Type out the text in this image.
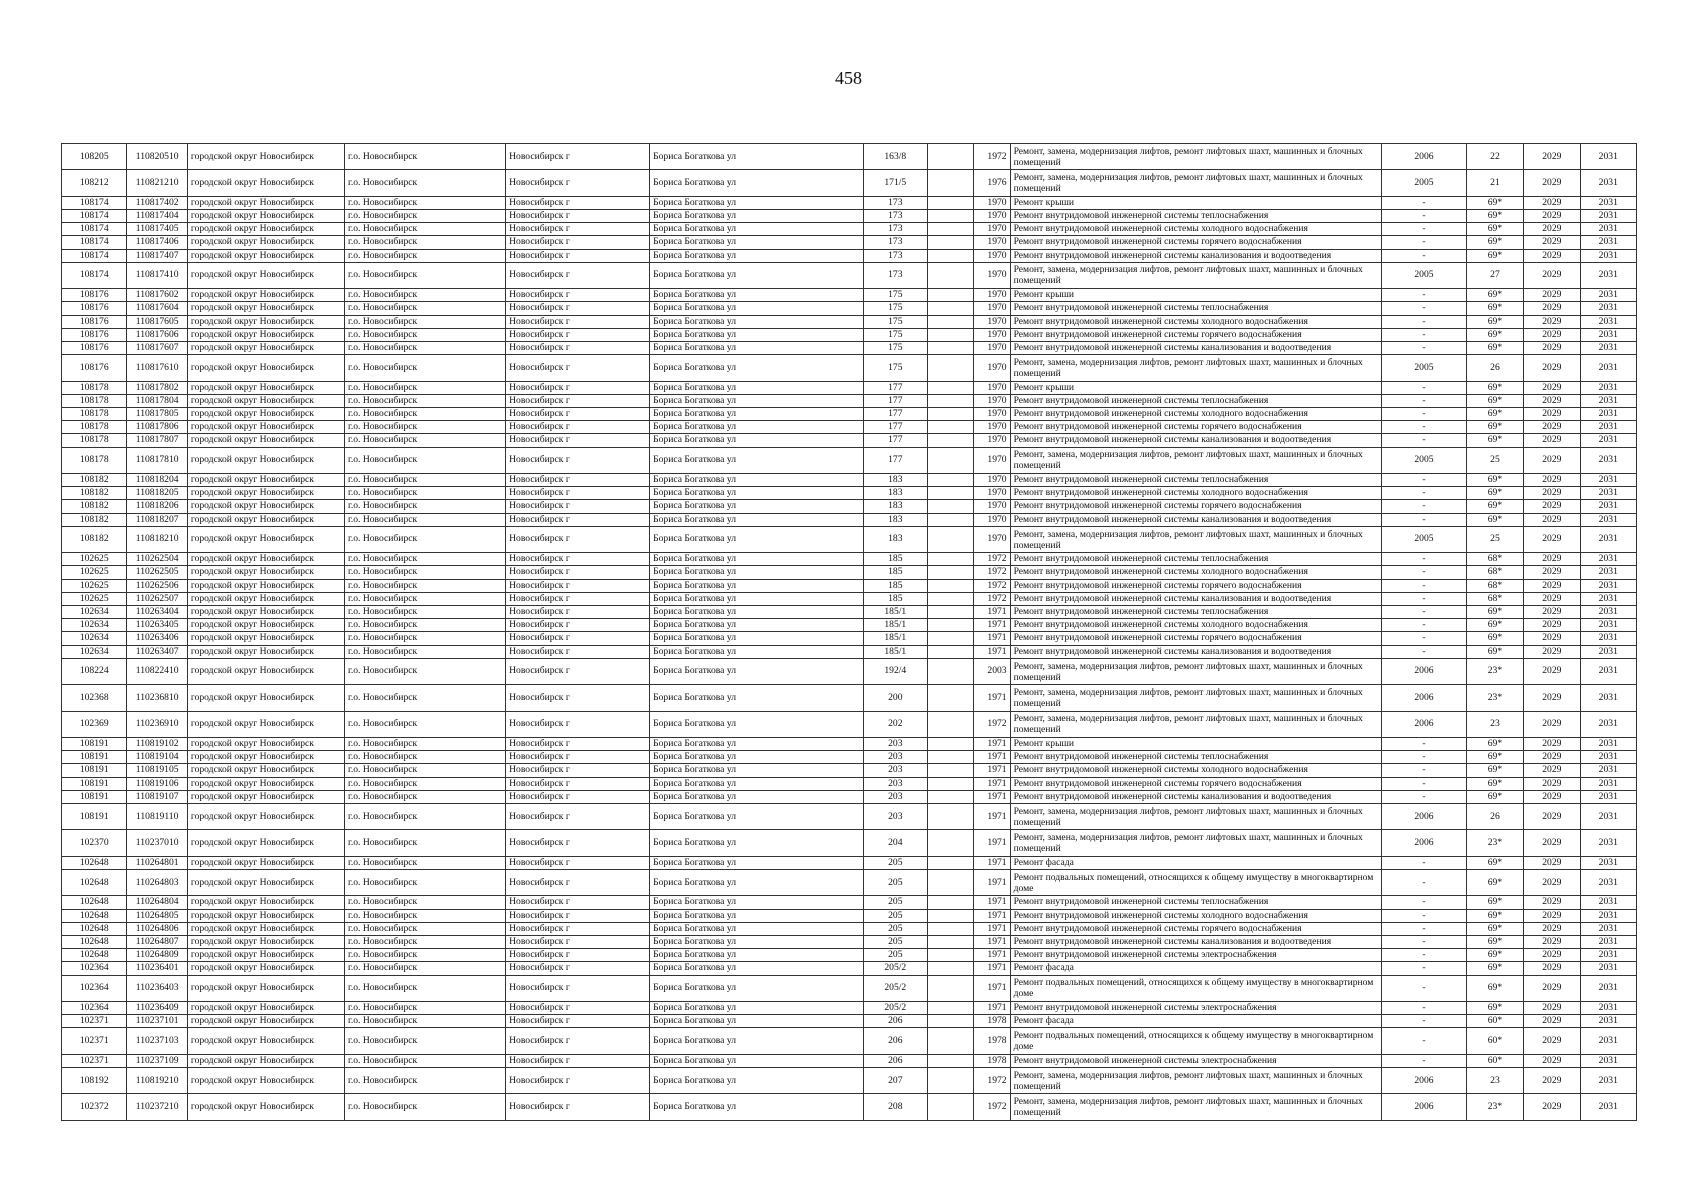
458
108205	110820510	городской округ Новосибирск	г.о. Новосибирск	Новосибирск г	Бориса Богаткова ул	163/8		1972	Ремонт, замена, модернизация лифтов, ремонт лифтовых шахт, машинных и блочных помещений	2006	22	2029	2031
108212	110821210	городской округ Новосибирск	г.о. Новосибирск	Новосибирск г	Бориса Богаткова ул	171/5		1976	Ремонт, замена, модернизация лифтов, ремонт лифтовых шахт, машинных и блочных помещений	2005	21	2029	2031
108174	110817402	городской округ Новосибирск	г.о. Новосибирск	Новосибирск г	Бориса Богаткова ул	173		1970	Ремонт крыши	-	69*	2029	2031
108174	110817404	городской округ Новосибирск	г.о. Новосибирск	Новосибирск г	Бориса Богаткова ул	173		1970	Ремонт внутридомовой инженерной системы теплоснабжения	-	69*	2029	2031
108174	110817405	городской округ Новосибирск	г.о. Новосибирск	Новосибирск г	Бориса Богаткова ул	173		1970	Ремонт внутридомовой инженерной системы холодного водоснабжения	-	69*	2029	2031
108174	110817406	городской округ Новосибирск	г.о. Новосибирск	Новосибирск г	Бориса Богаткова ул	173		1970	Ремонт внутридомовой инженерной системы горячего водоснабжения	-	69*	2029	2031
108174	110817407	городской округ Новосибирск	г.о. Новосибирск	Новосибирск г	Бориса Богаткова ул	173		1970	Ремонт внутридомовой инженерной системы канализования и водоотведения	-	69*	2029	2031
108174	110817410	городской округ Новосибирск	г.о. Новосибирск	Новосибирск г	Бориса Богаткова ул	173		1970	Ремонт, замена, модернизация лифтов, ремонт лифтовых шахт, машинных и блочных помещений	2005	27	2029	2031
108176	110817602	городской округ Новосибирск	г.о. Новосибирск	Новосибирск г	Бориса Богаткова ул	175		1970	Ремонт крыши	-	69*	2029	2031
108176	110817604	городской округ Новосибирск	г.о. Новосибирск	Новосибирск г	Бориса Богаткова ул	175		1970	Ремонт внутридомовой инженерной системы теплоснабжения	-	69*	2029	2031
108176	110817605	городской округ Новосибирск	г.о. Новосибирск	Новосибирск г	Бориса Богаткова ул	175		1970	Ремонт внутридомовой инженерной системы холодного водоснабжения	-	69*	2029	2031
108176	110817606	городской округ Новосибирск	г.о. Новосибирск	Новосибирск г	Бориса Богаткова ул	175		1970	Ремонт внутридомовой инженерной системы горячего водоснабжения	-	69*	2029	2031
108176	110817607	городской округ Новосибирск	г.о. Новосибирск	Новосибирск г	Бориса Богаткова ул	175		1970	Ремонт внутридомовой инженерной системы канализования и водоотведения	-	69*	2029	2031
108176	110817610	городской округ Новосибирск	г.о. Новосибирск	Новосибирск г	Бориса Богаткова ул	175		1970	Ремонт, замена, модернизация лифтов, ремонт лифтовых шахт, машинных и блочных помещений	2005	26	2029	2031
108178	110817802	городской округ Новосибирск	г.о. Новосибирск	Новосибирск г	Бориса Богаткова ул	177		1970	Ремонт крыши	-	69*	2029	2031
108178	110817804	городской округ Новосибирск	г.о. Новосибирск	Новосибирск г	Бориса Богаткова ул	177		1970	Ремонт внутридомовой инженерной системы теплоснабжения	-	69*	2029	2031
108178	110817805	городской округ Новосибирск	г.о. Новосибирск	Новосибирск г	Бориса Богаткова ул	177		1970	Ремонт внутридомовой инженерной системы холодного водоснабжения	-	69*	2029	2031
108178	110817806	городской округ Новосибирск	г.о. Новосибирск	Новосибирск г	Бориса Богаткова ул	177		1970	Ремонт внутридомовой инженерной системы горячего водоснабжения	-	69*	2029	2031
108178	110817807	городской округ Новосибирск	г.о. Новосибирск	Новосибирск г	Бориса Богаткова ул	177		1970	Ремонт внутридомовой инженерной системы канализования и водоотведения	-	69*	2029	2031
108178	110817810	городской округ Новосибирск	г.о. Новосибирск	Новосибирск г	Бориса Богаткова ул	177		1970	Ремонт, замена, модернизация лифтов, ремонт лифтовых шахт, машинных и блочных помещений	2005	25	2029	2031
108182	110818204	городской округ Новосибирск	г.о. Новосибирск	Новосибирск г	Бориса Богаткова ул	183		1970	Ремонт внутридомовой инженерной системы теплоснабжения	-	69*	2029	2031
108182	110818205	городской округ Новосибирск	г.о. Новосибирск	Новосибирск г	Бориса Богаткова ул	183		1970	Ремонт внутридомовой инженерной системы холодного водоснабжения	-	69*	2029	2031
108182	110818206	городской округ Новосибирск	г.о. Новосибирск	Новосибирск г	Бориса Богаткова ул	183		1970	Ремонт внутридомовой инженерной системы горячего водоснабжения	-	69*	2029	2031
108182	110818207	городской округ Новосибирск	г.о. Новосибирск	Новосибирск г	Бориса Богаткова ул	183		1970	Ремонт внутридомовой инженерной системы канализования и водоотведения	-	69*	2029	2031
108182	110818210	городской округ Новосибирск	г.о. Новосибирск	Новосибирск г	Бориса Богаткова ул	183		1970	Ремонт, замена, модернизация лифтов, ремонт лифтовых шахт, машинных и блочных помещений	2005	25	2029	2031
102625	110262504	городской округ Новосибирск	г.о. Новосибирск	Новосибирск г	Бориса Богаткова ул	185		1972	Ремонт внутридомовой инженерной системы теплоснабжения	-	68*	2029	2031
102625	110262505	городской округ Новосибирск	г.о. Новосибирск	Новосибирск г	Бориса Богаткова ул	185		1972	Ремонт внутридомовой инженерной системы холодного водоснабжения	-	68*	2029	2031
102625	110262506	городской округ Новосибирск	г.о. Новосибирск	Новосибирск г	Бориса Богаткова ул	185		1972	Ремонт внутридомовой инженерной системы горячего водоснабжения	-	68*	2029	2031
102625	110262507	городской округ Новосибирск	г.о. Новосибирск	Новосибирск г	Бориса Богаткова ул	185		1972	Ремонт внутридомовой инженерной системы канализования и водоотведения	-	68*	2029	2031
102634	110263404	городской округ Новосибирск	г.о. Новосибирск	Новосибирск г	Бориса Богаткова ул	185/1		1971	Ремонт внутридомовой инженерной системы теплоснабжения	-	69*	2029	2031
102634	110263405	городской округ Новосибирск	г.о. Новосибирск	Новосибирск г	Бориса Богаткова ул	185/1		1971	Ремонт внутридомовой инженерной системы холодного водоснабжения	-	69*	2029	2031
102634	110263406	городской округ Новосибирск	г.о. Новосибирск	Новосибирск г	Бориса Богаткова ул	185/1		1971	Ремонт внутридомовой инженерной системы горячего водоснабжения	-	69*	2029	2031
102634	110263407	городской округ Новосибирск	г.о. Новосибирск	Новосибирск г	Бориса Богаткова ул	185/1		1971	Ремонт внутридомовой инженерной системы канализования и водоотведения	-	69*	2029	2031
108224	110822410	городской округ Новосибирск	г.о. Новосибирск	Новосибирск г	Бориса Богаткова ул	192/4		2003	Ремонт, замена, модернизация лифтов, ремонт лифтовых шахт, машинных и блочных помещений	2006	23*	2029	2031
102368	110236810	городской округ Новосибирск	г.о. Новосибирск	Новосибирск г	Бориса Богаткова ул	200		1971	Ремонт, замена, модернизация лифтов, ремонт лифтовых шахт, машинных и блочных помещений	2006	23*	2029	2031
102369	110236910	городской округ Новосибирск	г.о. Новосибирск	Новосибирск г	Бориса Богаткова ул	202		1972	Ремонт, замена, модернизация лифтов, ремонт лифтовых шахт, машинных и блочных помещений	2006	23	2029	2031
108191	110819102	городской округ Новосибирск	г.о. Новосибирск	Новосибирск г	Бориса Богаткова ул	203		1971	Ремонт крыши	-	69*	2029	2031
108191	110819104	городской округ Новосибирск	г.о. Новосибирск	Новосибирск г	Бориса Богаткова ул	203		1971	Ремонт внутридомовой инженерной системы теплоснабжения	-	69*	2029	2031
108191	110819105	городской округ Новосибирск	г.о. Новосибирск	Новосибирск г	Бориса Богаткова ул	203		1971	Ремонт внутридомовой инженерной системы холодного водоснабжения	-	69*	2029	2031
108191	110819106	городской округ Новосибирск	г.о. Новосибирск	Новосибирск г	Бориса Богаткова ул	203		1971	Ремонт внутридомовой инженерной системы горячего водоснабжения	-	69*	2029	2031
108191	110819107	городской округ Новосибирск	г.о. Новосибирск	Новосибирск г	Бориса Богаткова ул	203		1971	Ремонт внутридомовой инженерной системы канализования и водоотведения	-	69*	2029	2031
108191	110819110	городской округ Новосибирск	г.о. Новосибирск	Новосибирск г	Бориса Богаткова ул	203		1971	Ремонт, замена, модернизация лифтов, ремонт лифтовых шахт, машинных и блочных помещений	2006	26	2029	2031
102370	110237010	городской округ Новосибирск	г.о. Новосибирск	Новосибирск г	Бориса Богаткова ул	204		1971	Ремонт, замена, модернизация лифтов, ремонт лифтовых шахт, машинных и блочных помещений	2006	23*	2029	2031
102648	110264801	городской округ Новосибирск	г.о. Новосибирск	Новосибирск г	Бориса Богаткова ул	205		1971	Ремонт фасада	-	69*	2029	2031
102648	110264803	городской округ Новосибирск	г.о. Новосибирск	Новосибирск г	Бориса Богаткова ул	205		1971	Ремонт подвальных помещений, относящихся к общему имуществу в многоквартирном доме	-	69*	2029	2031
102648	110264804	городской округ Новосибирск	г.о. Новосибирск	Новосибирск г	Бориса Богаткова ул	205		1971	Ремонт внутридомовой инженерной системы теплоснабжения	-	69*	2029	2031
102648	110264805	городской округ Новосибирск	г.о. Новосибирск	Новосибирск г	Бориса Богаткова ул	205		1971	Ремонт внутридомовой инженерной системы холодного водоснабжения	-	69*	2029	2031
102648	110264806	городской округ Новосибирск	г.о. Новосибирск	Новосибирск г	Бориса Богаткова ул	205		1971	Ремонт внутридомовой инженерной системы горячего водоснабжения	-	69*	2029	2031
102648	110264807	городской округ Новосибирск	г.о. Новосибирск	Новосибирск г	Бориса Богаткова ул	205		1971	Ремонт внутридомовой инженерной системы канализования и водоотведения	-	69*	2029	2031
102648	110264809	городской округ Новосибирск	г.о. Новосибирск	Новосибирск г	Бориса Богаткова ул	205		1971	Ремонт внутридомовой инженерной системы электроснабжения	-	69*	2029	2031
102364	110236401	городской округ Новосибирск	г.о. Новосибирск	Новосибирск г	Бориса Богаткова ул	205/2		1971	Ремонт фасада	-	69*	2029	2031
102364	110236403	городской округ Новосибирск	г.о. Новосибирск	Новосибирск г	Бориса Богаткова ул	205/2		1971	Ремонт подвальных помещений, относящихся к общему имуществу в многоквартирном доме	-	69*	2029	2031
102364	110236409	городской округ Новосибирск	г.о. Новосибирск	Новосибирск г	Бориса Богаткова ул	205/2		1971	Ремонт внутридомовой инженерной системы электроснабжения	-	69*	2029	2031
102371	110237101	городской округ Новосибирск	г.о. Новосибирск	Новосибирск г	Бориса Богаткова ул	206		1978	Ремонт фасада	-	60*	2029	2031
102371	110237103	городской округ Новосибирск	г.о. Новосибирск	Новосибирск г	Бориса Богаткова ул	206		1978	Ремонт подвальных помещений, относящихся к общему имуществу в многоквартирном доме	-	60*	2029	2031
102371	110237109	городской округ Новосибирск	г.о. Новосибирск	Новосибирск г	Бориса Богаткова ул	206		1978	Ремонт внутридомовой инженерной системы электроснабжения	-	60*	2029	2031
108192	110819210	городской округ Новосибирск	г.о. Новосибирск	Новосибирск г	Бориса Богаткова ул	207		1972	Ремонт, замена, модернизация лифтов, ремонт лифтовых шахт, машинных и блочных помещений	2006	23	2029	2031
102372	110237210	городской округ Новосибирск	г.о. Новосибирск	Новосибирск г	Бориса Богаткова ул	208		1972	Ремонт, замена, модернизация лифтов, ремонт лифтовых шахт, машинных и блочных помещений	2006	23*	2029	2031
